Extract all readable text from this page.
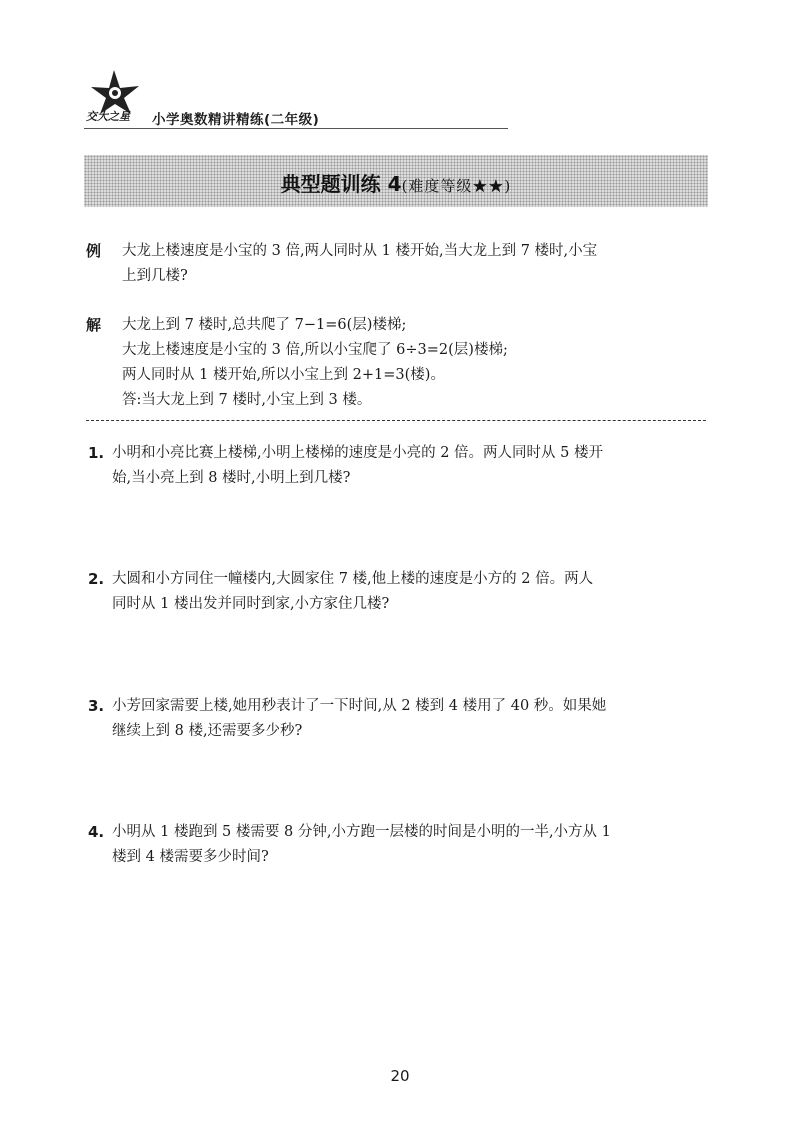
交大之星 小学奥数精讲精练(二年级)
典型题训练 4(难度等级★★)
例 大龙上楼速度是小宝的 3 倍,两人同时从 1 楼开始,当大龙上到 7 楼时,小宝
上到几楼?
解 大龙上到 7 楼时,总共爬了 7−1=6(层)楼梯;
大龙上楼速度是小宝的 3 倍,所以小宝爬了 6÷3=2(层)楼梯;
两人同时从 1 楼开始,所以小宝上到 2+1=3(楼)。
答:当大龙上到 7 楼时,小宝上到 3 楼。
1. 小明和小亮比赛上楼梯,小明上楼梯的速度是小亮的 2 倍。两人同时从 5 楼开
始,当小亮上到 8 楼时,小明上到几楼?
2. 大圆和小方同住一幢楼内,大圆家住 7 楼,他上楼的速度是小方的 2 倍。两人
同时从 1 楼出发并同时到家,小方家住几楼?
3. 小芳回家需要上楼,她用秒表计了一下时间,从 2 楼到 4 楼用了 40 秒。如果她
继续上到 8 楼,还需要多少秒?
4. 小明从 1 楼跑到 5 楼需要 8 分钟,小方跑一层楼的时间是小明的一半,小方从 1
楼到 4 楼需要多少时间?
20
